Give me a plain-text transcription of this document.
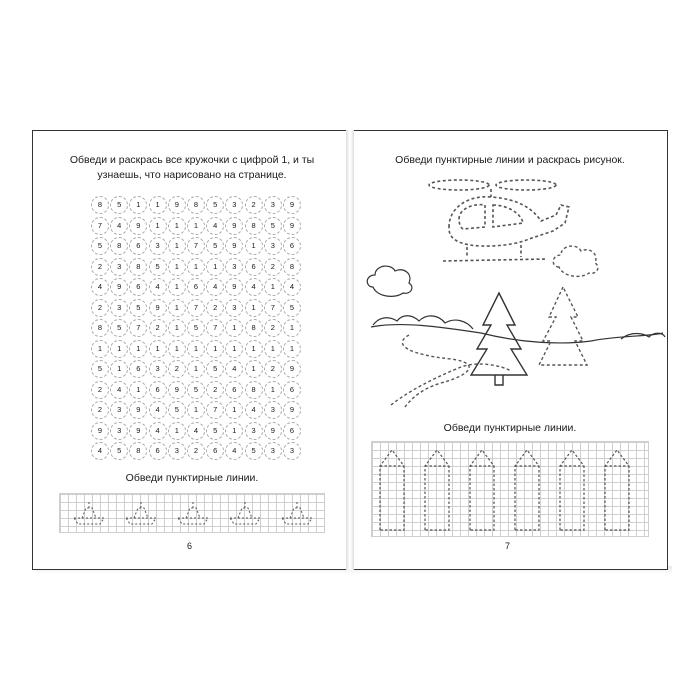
Обведи и раскрась все кружочки с цифрой 1, и ты
узнаешь, что нарисовано на странице.
8	5	1	1	9	8	5	3	2	3	9
7	4	9	1	1	1	4	9	8	5	9
5	8	6	3	1	7	5	9	1	3	6
2	3	8	5	1	1	1	3	6	2	8
4	9	6	4	1	6	4	9	4	1	4
2	3	5	9	1	7	2	3	1	7	5
8	5	7	2	1	5	7	1	8	2	1
1	1	1	1	1	1	1	1	1	1	1
5	1	6	3	2	1	5	4	1	2	9
2	4	1	6	9	5	2	6	8	1	6
2	3	9	4	5	1	7	1	4	3	9
9	3	9	4	1	4	5	1	3	9	6
4	5	8	6	3	2	6	4	5	3	3
Обведи пунктирные линии.
6
Обведи пунктирные линии и раскрась рисунок.
Обведи пунктирные линии.
7
